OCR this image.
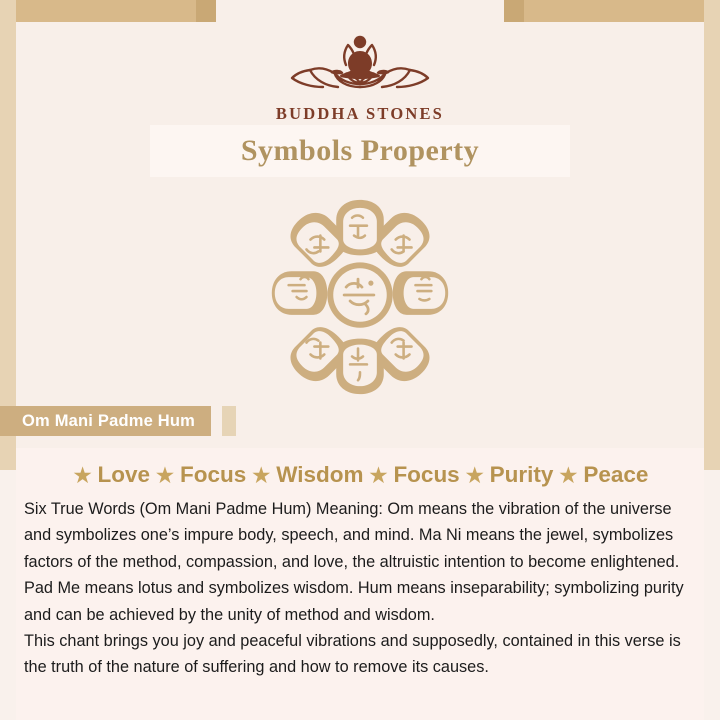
BUDDHA STONES
Symbols Property
Om Mani Padme Hum
★ Love ★ Focus ★ Wisdom ★ Focus ★ Purity ★ Peace

Six True Words (Om Mani Padme Hum) Meaning: Om means the vibration of the universe and symbolizes one’s impure body, speech, and mind. Ma Ni means the jewel, symbolizes factors of the method, compassion, and love, the altruistic intention to become enlightened. Pad Me means lotus and symbolizes wisdom. Hum means inseparability; symbolizing purity and can be achieved by the unity of method and wisdom.

This chant brings you joy and peaceful vibrations and supposedly, contained in this verse is the truth of the nature of suffering and how to remove its causes.
